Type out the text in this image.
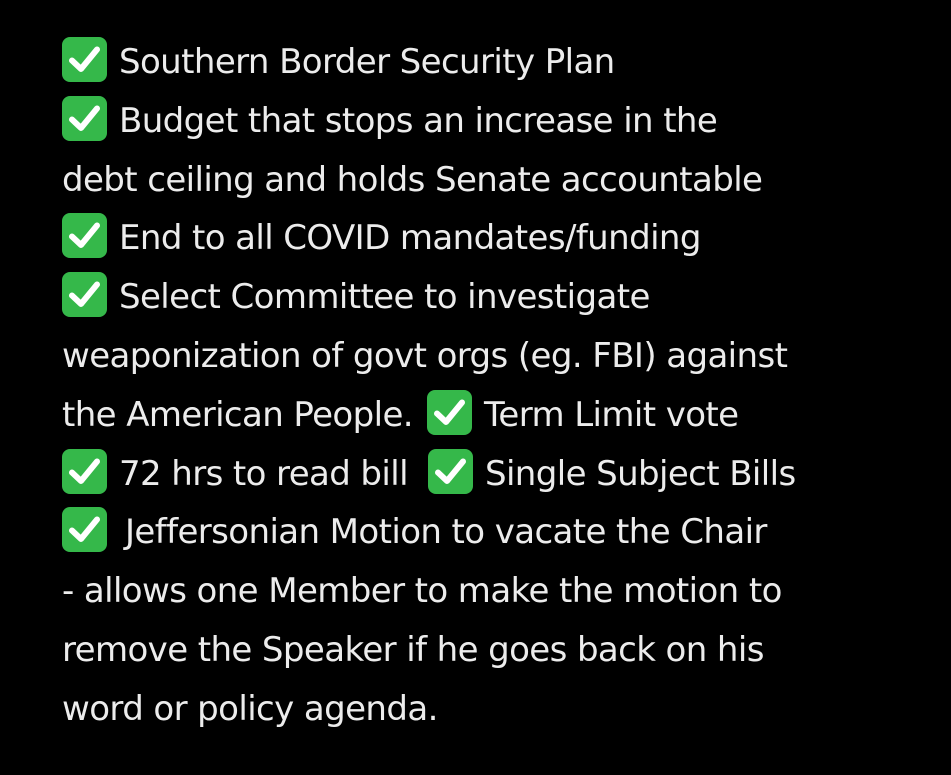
Southern Border Security Plan
Budget that stops an increase in the
debt ceiling and holds Senate accountable
End to all COVID mandates/funding
Select Committee to investigate
weaponization of govt orgs (eg. FBI) against
the American People. Term Limit vote
72 hrs to read bill Single Subject Bills
Jeffersonian Motion to vacate the Chair
- allows one Member to make the motion to
remove the Speaker if he goes back on his
word or policy agenda.
